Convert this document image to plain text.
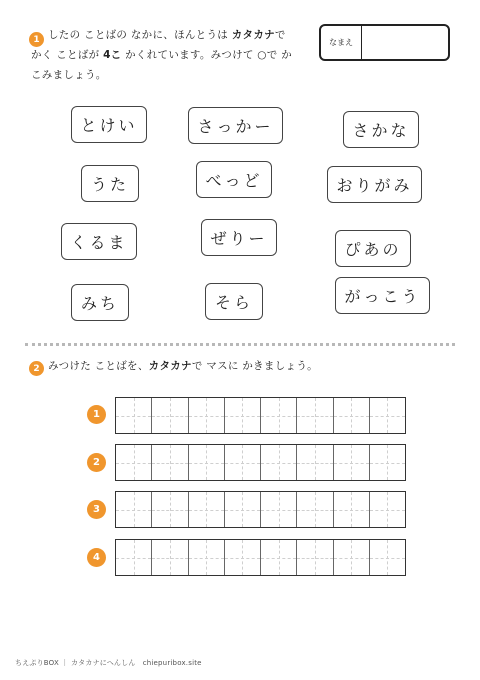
1 したの ことばの なかに、ほんとうは カタカナで
かく ことばが 4こ かくれています。みつけて ○で か
こみましょう。
なまえ
とけい	さっかー	さかな
うた	べっど	おりがみ
くるま	ぜりー
ぴあの
みち	そら	がっこう
2 みつけた ことばを、カタカナで マスに かきましょう。
1
2
3
4
ちえぷりBOX ｜ カタカナにへんしん　chiepuribox.site
